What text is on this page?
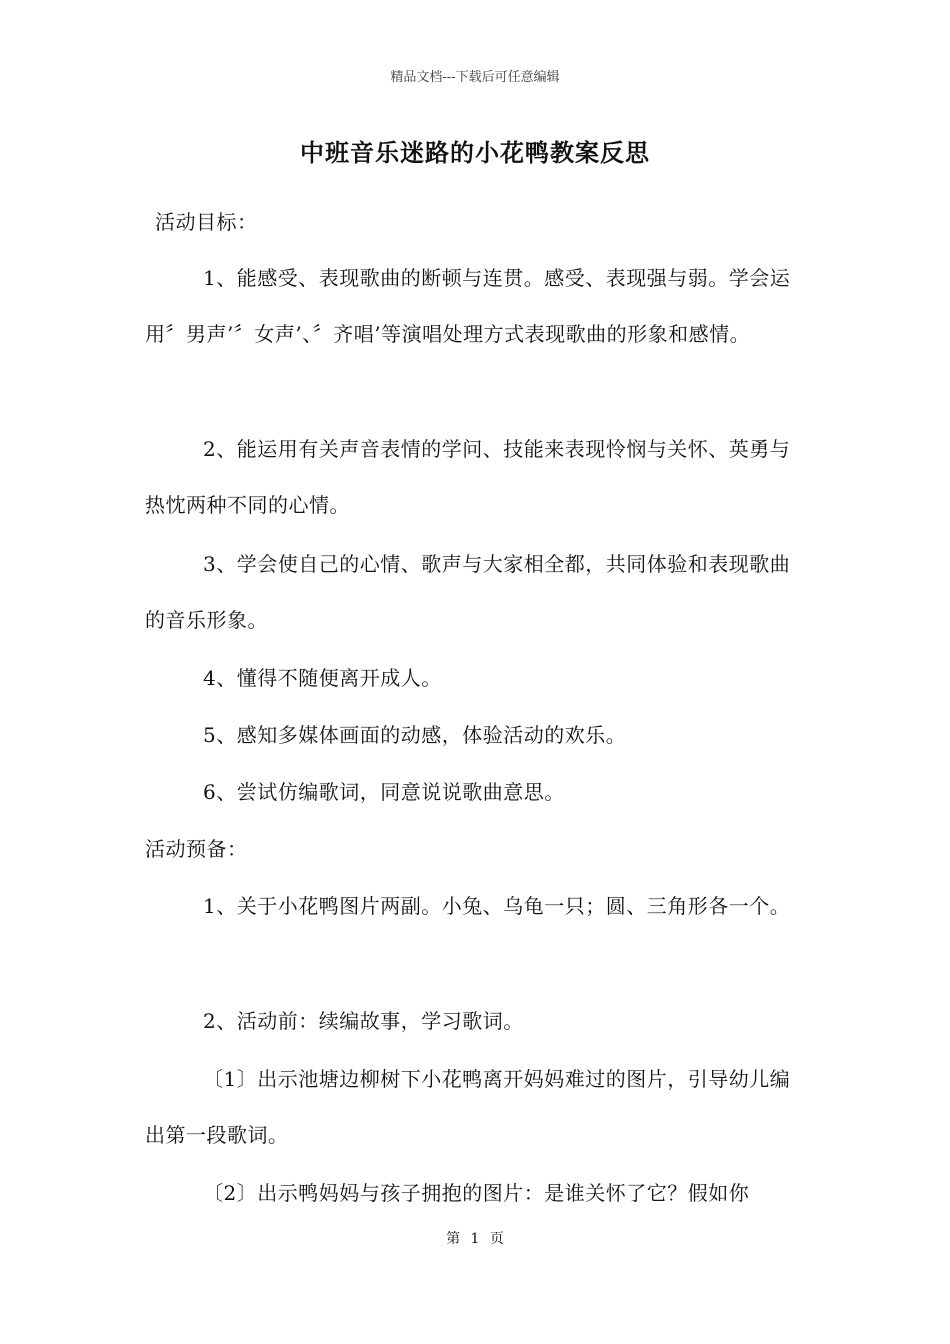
精品文档---下载后可任意编辑
中班音乐迷路的小花鸭教案反思
活动目标：
1、能感受、表现歌曲的断顿与连贯。感受、表现强与弱。学会运用〞男声’〞女声’、〞齐唱’等演唱处理方式表现歌曲的形象和感情。
2、能运用有关声音表情的学问、技能来表现怜悯与关怀、英勇与热忱两种不同的心情。
3、学会使自己的心情、歌声与大家相全都，共同体验和表现歌曲的音乐形象。
4、懂得不随便离开成人。
5、感知多媒体画面的动感，体验活动的欢乐。
6、尝试仿编歌词，同意说说歌曲意思。
活动预备：
1、关于小花鸭图片两副。小兔、乌龟一只；圆、三角形各一个。
2、活动前：续编故事，学习歌词。
〔1〕出示池塘边柳树下小花鸭离开妈妈难过的图片，引导幼儿编出第一段歌词。
〔2〕出示鸭妈妈与孩子拥抱的图片：是谁关怀了它？假如你
第 1 页
